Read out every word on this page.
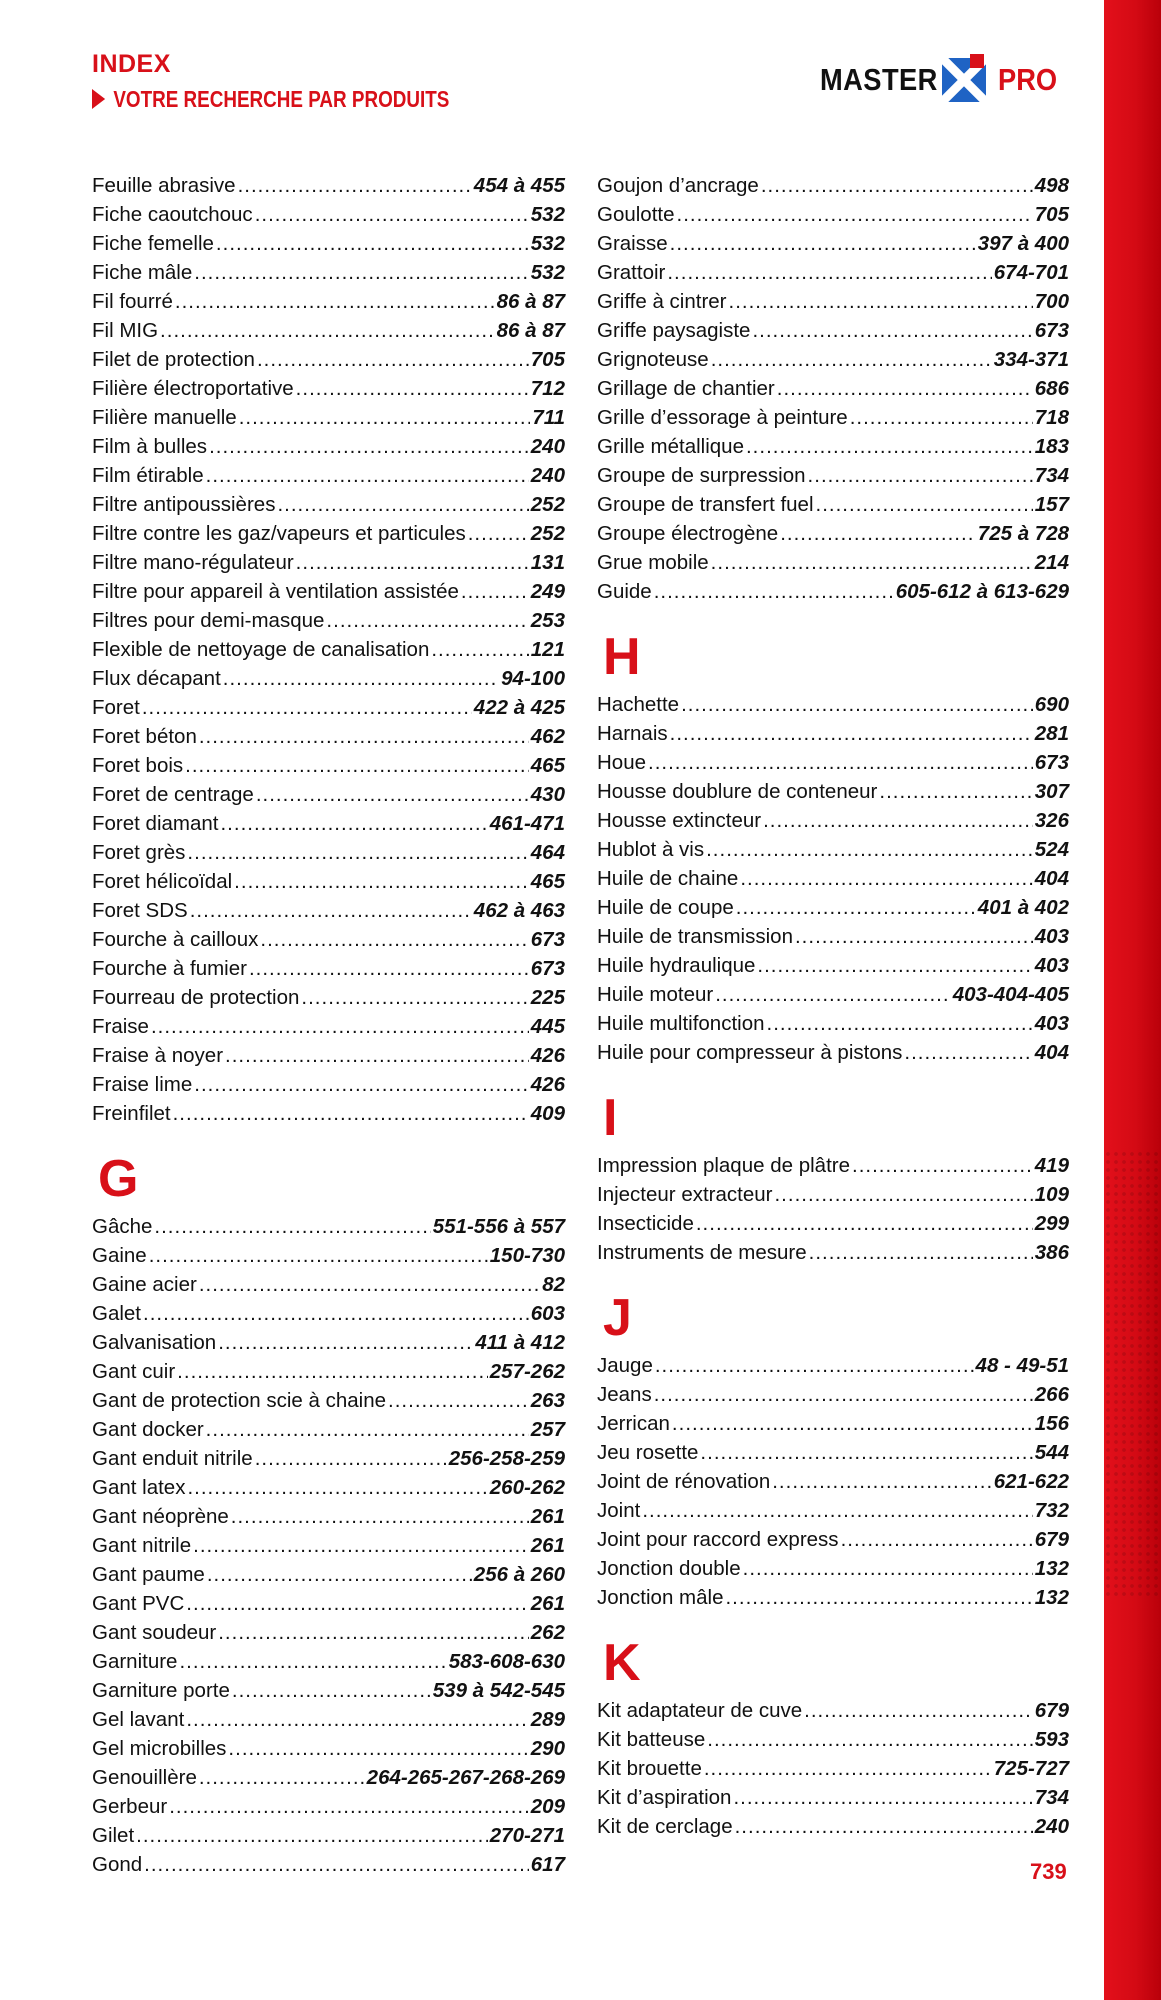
INDEX
VOTRE RECHERCHE PAR PRODUITS
MASTER PRO
Feuille abrasive .....	454 à 455
Fiche caoutchouc .....	532
Fiche femelle .....	532
Fiche mâle .....	532
Fil fourré .....	86 à 87
Fil MIG .....	86 à 87
Filet de protection .....	705
Filière électroportative .....	712
Filière manuelle .....	711
Film à bulles .....	240
Film étirable .....	240
Filtre antipoussières .....	252
Filtre contre les gaz/vapeurs et particules .....	252
Filtre mano-régulateur .....	131
Filtre pour appareil à ventilation assistée .....	249
Filtres pour demi-masque .....	253
Flexible de nettoyage de canalisation .....	121
Flux décapant .....	94-100
Foret .....	422 à 425
Foret béton .....	462
Foret bois .....	465
Foret de centrage .....	430
Foret diamant .....	461-471
Foret grès .....	464
Foret hélicoïdal .....	465
Foret SDS .....	462 à 463
Fourche à cailloux .....	673
Fourche à fumier .....	673
Fourreau de protection .....	225
Fraise .....	445
Fraise à noyer .....	426
Fraise lime .....	426
Freinfilet .....	409
G
Gâche .....	551-556 à 557
Gaine .....	150-730
Gaine acier .....	82
Galet .....	603
Galvanisation .....	411 à 412
Gant cuir .....	257-262
Gant de protection scie à chaine .....	263
Gant docker .....	257
Gant enduit nitrile .....	256-258-259
Gant latex .....	260-262
Gant néoprène .....	261
Gant nitrile .....	261
Gant paume .....	256 à 260
Gant PVC .....	261
Gant soudeur .....	262
Garniture .....	583-608-630
Garniture porte .....	539 à 542-545
Gel lavant .....	289
Gel microbilles .....	290
Genouillère .....	264-265-267-268-269
Gerbeur .....	209
Gilet .....	270-271
Gond .....	617
Goujon d’ancrage .....	498
Goulotte .....	705
Graisse .....	397 à 400
Grattoir .....	674-701
Griffe à cintrer .....	700
Griffe paysagiste .....	673
Grignoteuse .....	334-371
Grillage de chantier .....	686
Grille d’essorage à peinture .....	718
Grille métallique .....	183
Groupe de surpression .....	734
Groupe de transfert fuel .....	157
Groupe électrogène .....	725 à 728
Grue mobile .....	214
Guide .....	605-612 à 613-629
H
Hachette .....	690
Harnais .....	281
Houe .....	673
Housse doublure de conteneur .....	307
Housse extincteur .....	326
Hublot à vis .....	524
Huile de chaine .....	404
Huile de coupe .....	401 à 402
Huile de transmission .....	403
Huile hydraulique .....	403
Huile moteur .....	403-404-405
Huile multifonction .....	403
Huile pour compresseur à pistons .....	404
I
Impression plaque de plâtre .....	419
Injecteur extracteur .....	109
Insecticide .....	299
Instruments de mesure .....	386
J
Jauge .....	48 - 49-51
Jeans .....	266
Jerrican .....	156
Jeu rosette .....	544
Joint de rénovation .....	621-622
Joint .....	732
Joint pour raccord express .....	679
Jonction double .....	132
Jonction mâle .....	132
K
Kit adaptateur de cuve .....	679
Kit batteuse .....	593
Kit brouette .....	725-727
Kit d’aspiration .....	734
Kit de cerclage .....	240
739
